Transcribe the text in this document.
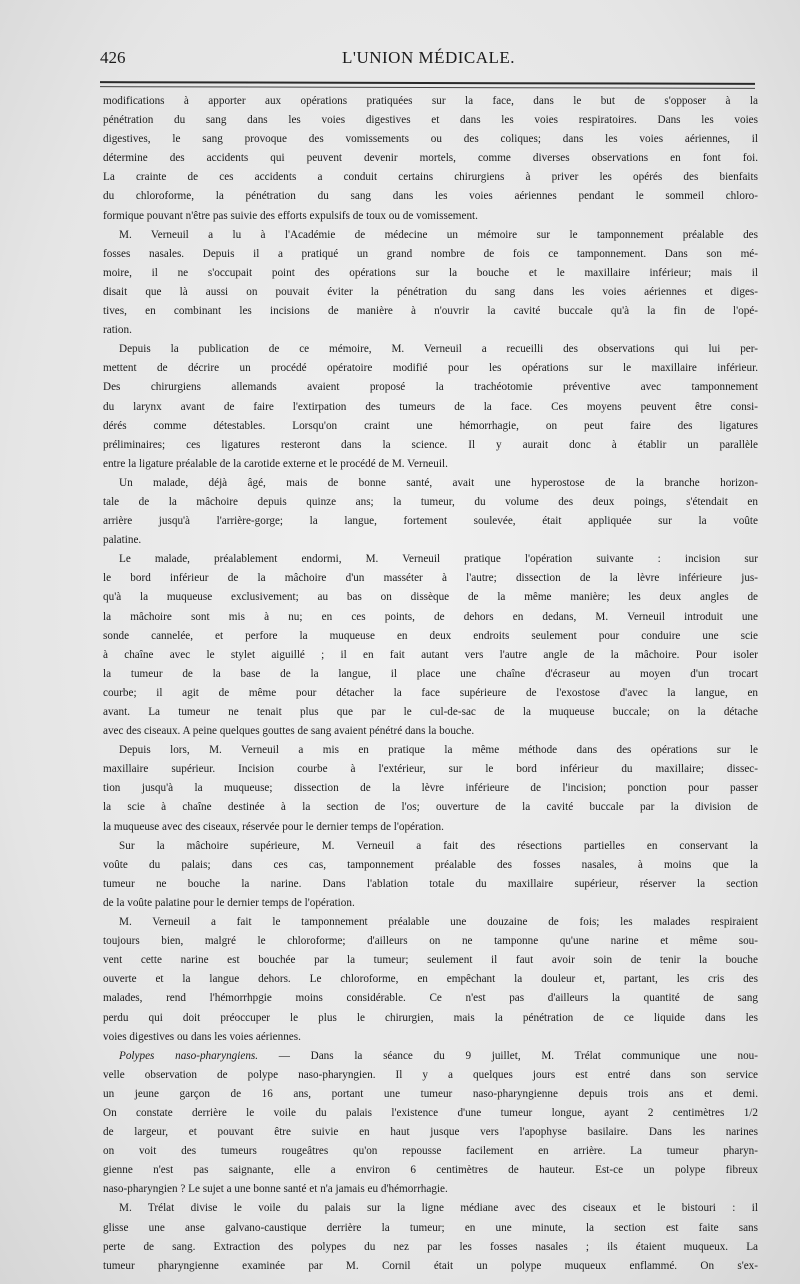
426	L'UNION MÉDICALE.
modifications à apporter aux opérations pratiquées sur la face, dans le but de s'opposer à la
pénétration du sang dans les voies digestives et dans les voies respiratoires. Dans les voies
digestives, le sang provoque des vomissements ou des coliques; dans les voies aériennes, il
détermine des accidents qui peuvent devenir mortels, comme diverses observations en font foi.
La crainte de ces accidents a conduit certains chirurgiens à priver les opérés des bienfaits
du chloroforme, la pénétration du sang dans les voies aériennes pendant le sommeil chloro-
formique pouvant n'être pas suivie des efforts expulsifs de toux ou de vomissement.
M. Verneuil a lu à l'Académie de médecine un mémoire sur le tamponnement préalable des
fosses nasales. Depuis il a pratiqué un grand nombre de fois ce tamponnement. Dans son mé-
moire, il ne s'occupait point des opérations sur la bouche et le maxillaire inférieur; mais il
disait que là aussi on pouvait éviter la pénétration du sang dans les voies aériennes et diges-
tives, en combinant les incisions de manière à n'ouvrir la cavité buccale qu'à la fin de l'opé-
ration.
Depuis la publication de ce mémoire, M. Verneuil a recueilli des observations qui lui per-
mettent de décrire un procédé opératoire modifié pour les opérations sur le maxillaire inférieur.
Des chirurgiens allemands avaient proposé la trachéotomie préventive avec tamponnement
du larynx avant de faire l'extirpation des tumeurs de la face. Ces moyens peuvent être consi-
dérés comme détestables. Lorsqu'on craint une hémorrhagie, on peut faire des ligatures
préliminaires; ces ligatures resteront dans la science. Il y aurait donc à établir un parallèle
entre la ligature préalable de la carotide externe et le procédé de M. Verneuil.
Un malade, déjà âgé, mais de bonne santé, avait une hyperostose de la branche horizon-
tale de la mâchoire depuis quinze ans; la tumeur, du volume des deux poings, s'étendait en
arrière jusqu'à l'arrière-gorge; la langue, fortement soulevée, était appliquée sur la voûte
palatine.
Le malade, préalablement endormi, M. Verneuil pratique l'opération suivante : incision sur
le bord inférieur de la mâchoire d'un masséter à l'autre; dissection de la lèvre inférieure jus-
qu'à la muqueuse exclusivement; au bas on dissèque de la même manière; les deux angles de
la mâchoire sont mis à nu; en ces points, de dehors en dedans, M. Verneuil introduit une
sonde cannelée, et perfore la muqueuse en deux endroits seulement pour conduire une scie
à chaîne avec le stylet aiguillé ; il en fait autant vers l'autre angle de la mâchoire. Pour isoler
la tumeur de la base de la langue, il place une chaîne d'écraseur au moyen d'un trocart
courbe; il agit de même pour détacher la face supérieure de l'exostose d'avec la langue, en
avant. La tumeur ne tenait plus que par le cul-de-sac de la muqueuse buccale; on la détache
avec des ciseaux. A peine quelques gouttes de sang avaient pénétré dans la bouche.
Depuis lors, M. Verneuil a mis en pratique la même méthode dans des opérations sur le
maxillaire supérieur. Incision courbe à l'extérieur, sur le bord inférieur du maxillaire; dissec-
tion jusqu'à la muqueuse; dissection de la lèvre inférieure de l'incision; ponction pour passer
la scie à chaîne destinée à la section de l'os; ouverture de la cavité buccale par la division de
la muqueuse avec des ciseaux, réservée pour le dernier temps de l'opération.
Sur la mâchoire supérieure, M. Verneuil a fait des résections partielles en conservant la
voûte du palais; dans ces cas, tamponnement préalable des fosses nasales, à moins que la
tumeur ne bouche la narine. Dans l'ablation totale du maxillaire supérieur, réserver la section
de la voûte palatine pour le dernier temps de l'opération.
M. Verneuil a fait le tamponnement préalable une douzaine de fois; les malades respiraient
toujours bien, malgré le chloroforme; d'ailleurs on ne tamponne qu'une narine et même sou-
vent cette narine est bouchée par la tumeur; seulement il faut avoir soin de tenir la bouche
ouverte et la langue dehors. Le chloroforme, en empêchant la douleur et, partant, les cris des
malades, rend l'hémorrhpgie moins considérable. Ce n'est pas d'ailleurs la quantité de sang
perdu qui doit préoccuper le plus le chirurgien, mais la pénétration de ce liquide dans les
voies digestives ou dans les voies aériennes.
Polypes naso-pharyngiens. — Dans la séance du 9 juillet, M. Trélat communique une nou-
velle observation de polype naso-pharyngien. Il y a quelques jours est entré dans son service
un jeune garçon de 16 ans, portant une tumeur naso-pharyngienne depuis trois ans et demi.
On constate derrière le voile du palais l'existence d'une tumeur longue, ayant 2 centimètres 1/2
de largeur, et pouvant être suivie en haut jusque vers l'apophyse basilaire. Dans les narines
on voit des tumeurs rougeâtres qu'on repousse facilement en arrière. La tumeur pharyn-
gienne n'est pas saignante, elle a environ 6 centimètres de hauteur. Est-ce un polype fibreux
naso-pharyngien ? Le sujet a une bonne santé et n'a jamais eu d'hémorrhagie.
M. Trélat divise le voile du palais sur la ligne médiane avec des ciseaux et le bistouri : il
glisse une anse galvano-caustique derrière la tumeur; en une minute, la section est faite sans
perte de sang. Extraction des polypes du nez par les fosses nasales ; ils étaient muqueux. La
tumeur pharyngienne examinée par M. Cornil était un polype muqueux enflammé. On s'ex-
